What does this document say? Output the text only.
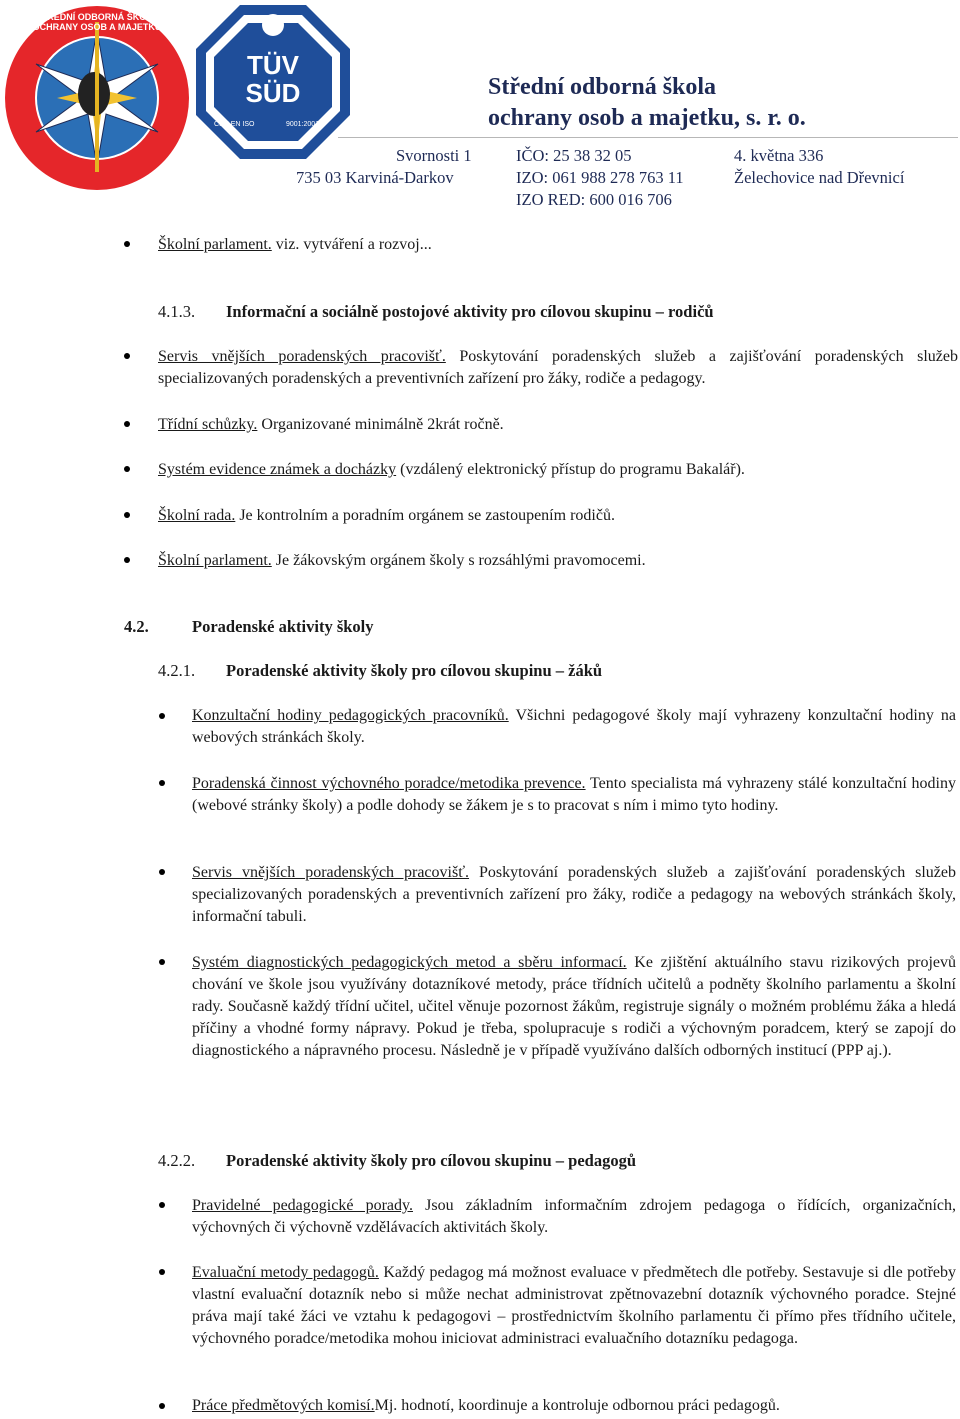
STŘEDNÍ ODBORNÁ ŠKOLA OCHRANY OSOB A MAJETKU
TÜV SÜD
ČSN EN ISO	9001:2001
Střední odborná škola
ochrany osob a majetku, s. r. o.
Svornosti 1
735 03 Karviná-Darkov
IČO: 25 38 32 05
IZO: 061 988 278 763 11
IZO RED: 600 016 706
4. května 336
Želechovice nad Dřevnicí
Školní parlament. viz. vytváření a rozvoj...
4.1.3. Informační a sociálně postojové aktivity pro cílovou skupinu – rodičů
Servis vnějších poradenských pracovišť. Poskytování poradenských služeb a zajišťování poradenských služeb specializovaných poradenských a preventivních zařízení pro žáky, rodiče a pedagogy.
Třídní schůzky. Organizované minimálně 2krát ročně.
Systém evidence známek a docházky (vzdálený elektronický přístup do programu Bakalář).
Školní rada. Je kontrolním a poradním orgánem se zastoupením rodičů.
Školní parlament. Je žákovským orgánem školy s rozsáhlými pravomocemi.
4.2.	Poradenské aktivity školy
4.2.1. Poradenské aktivity školy pro cílovou skupinu – žáků
Konzultační hodiny pedagogických pracovníků. Všichni pedagogové školy mají vyhrazeny konzultační hodiny na webových stránkách školy.
Poradenská činnost výchovného poradce/metodika prevence. Tento specialista má vyhrazeny stálé konzultační hodiny (webové stránky školy) a podle dohody se žákem je s to pracovat s ním i mimo tyto hodiny.
Servis vnějších poradenských pracovišť. Poskytování poradenských služeb a zajišťování poradenských služeb specializovaných poradenských a preventivních zařízení pro žáky, rodiče a pedagogy na webových stránkách školy, informační tabuli.
Systém diagnostických pedagogických metod a sběru informací. Ke zjištění aktuálního stavu rizikových projevů chování ve škole jsou využívány dotazníkové metody, práce třídních učitelů a podněty školního parlamentu a školní rady. Současně každý třídní učitel, učitel věnuje pozornost žákům, registruje signály o možném problému žáka a hledá příčiny a vhodné formy nápravy. Pokud je třeba, spolupracuje s rodiči a výchovným poradcem, který se zapojí do diagnostického a nápravného procesu. Následně je v případě využíváno dalších odborných institucí (PPP aj.).
4.2.2. Poradenské aktivity školy pro cílovou skupinu – pedagogů
Pravidelné pedagogické porady. Jsou základním informačním zdrojem pedagoga o řídících, organizačních, výchovných či výchovně vzdělávacích aktivitách školy.
Evaluační metody pedagogů. Každý pedagog má možnost evaluace v předmětech dle potřeby. Sestavuje si dle potřeby vlastní evaluační dotazník nebo si může nechat administrovat zpětnovazební dotazník výchovného poradce. Stejné práva mají také žáci ve vztahu k pedagogovi – prostřednictvím školního parlamentu či přímo přes třídního učitele, výchovného poradce/metodika mohou iniciovat administraci evaluačního dotazníku pedagoga.
Práce předmětových komisí.Mj. hodnotí, koordinuje a kontroluje odbornou práci pedagogů.
